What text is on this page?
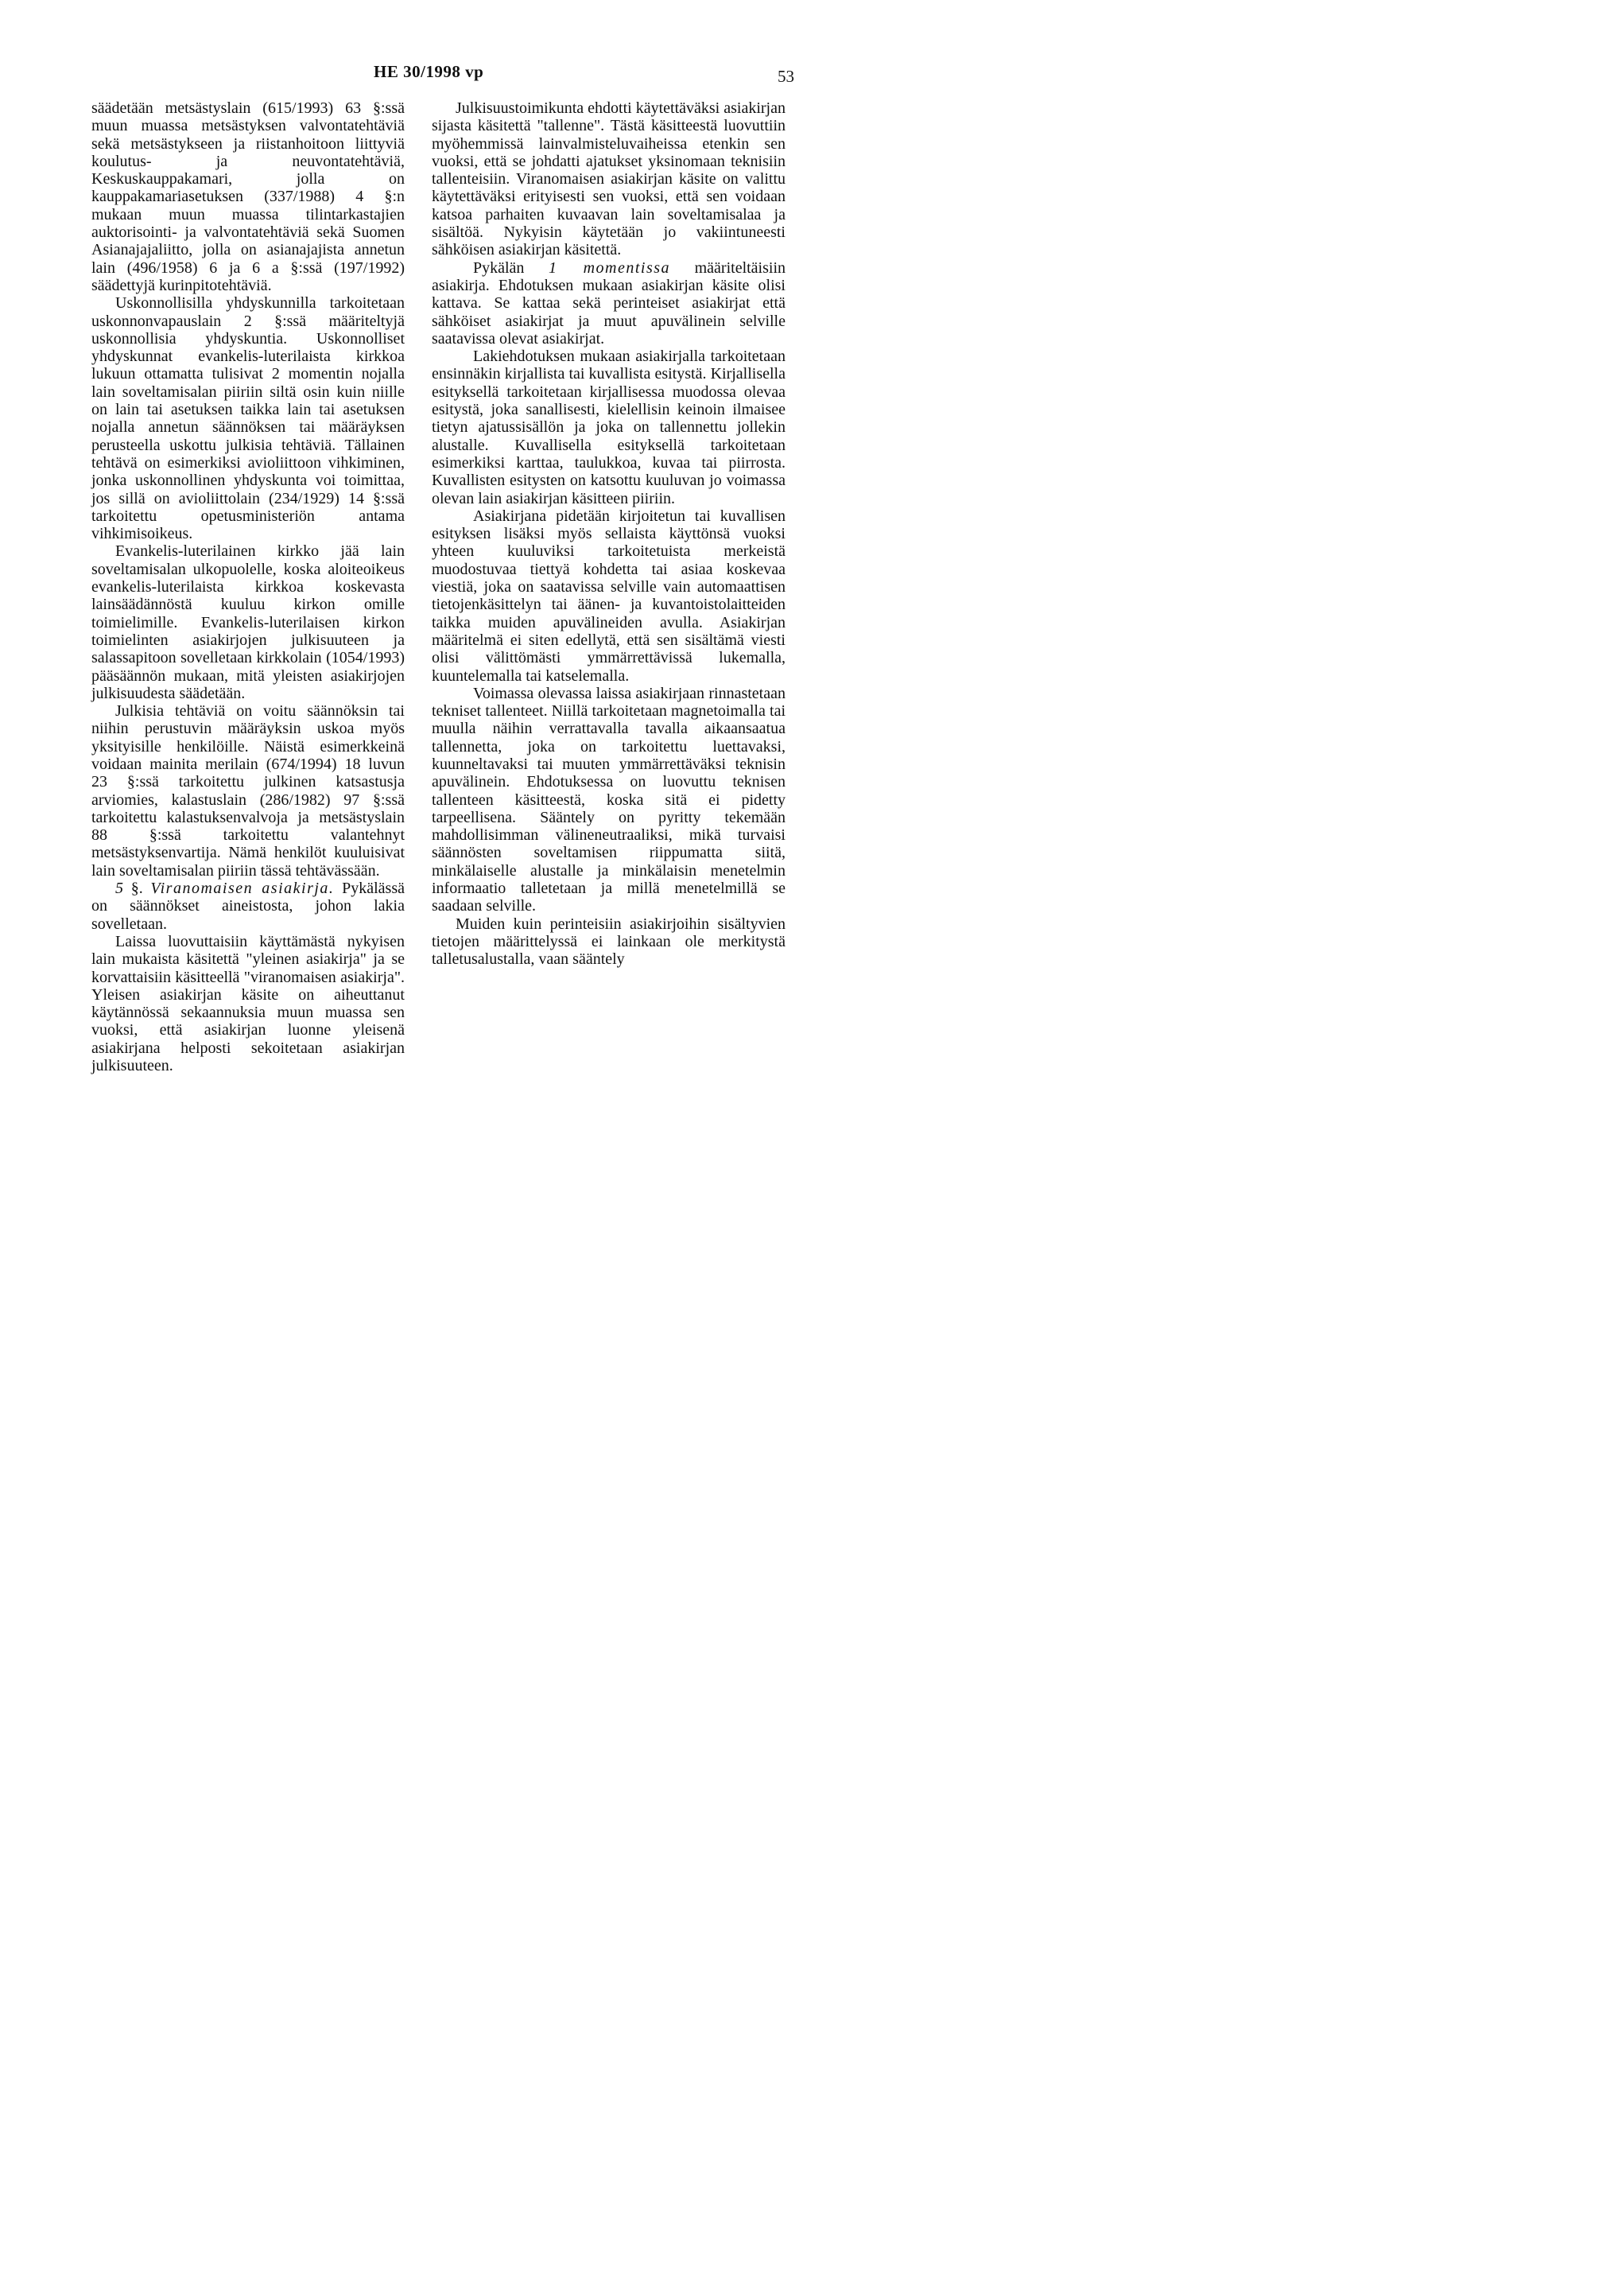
HE 30/1998 vp	53

säädetään metsästyslain (615/1993) 63 §:ssä muun muassa metsästyksen valvontatehtäviä sekä metsästykseen ja riistanhoitoon liittyviä koulutus- ja neuvontatehtäviä, Keskuskauppakamari, jolla on kauppakamariasetuksen (337/1988) 4 §:n mukaan muun muassa tilintarkastajien auktorisointi- ja valvontatehtäviä sekä Suomen Asianajajaliitto, jolla on asianajajista annetun lain (496/1958) 6 ja 6 a §:ssä (197/1992) säädettyjä kurinpitotehtäviä.

Uskonnollisilla yhdyskunnilla tarkoitetaan uskonnonvapauslain 2 §:ssä määriteltyjä uskonnollisia yhdyskuntia. Uskonnolliset yhdyskunnat evankelis-luterilaista kirkkoa lukuun ottamatta tulisivat 2 momentin nojalla lain soveltamisalan piiriin siltä osin kuin niille on lain tai asetuksen taikka lain tai asetuksen nojalla annetun säännöksen tai määräyksen perusteella uskottu julkisia tehtäviä. Tällainen tehtävä on esimerkiksi avioliittoon vihkiminen, jonka uskonnollinen yhdyskunta voi toimittaa, jos sillä on avioliittolain (234/1929) 14 §:ssä tarkoitettu opetusministeriön antama vihkimisoikeus.

Evankelis-luterilainen kirkko jää lain soveltamisalan ulkopuolelle, koska aloiteoikeus evankelis-luterilaista kirkkoa koskevasta lainsäädännöstä kuuluu kirkon omille toimielimille. Evankelis-luterilaisen kirkon toimielinten asiakirjojen julkisuuteen ja salassapitoon sovelletaan kirkkolain (1054/1993) pääsäännön mukaan, mitä yleisten asiakirjojen julkisuudesta säädetään.

Julkisia tehtäviä on voitu säännöksin tai niihin perustuvin määräyksin uskoa myös yksityisille henkilöille. Näistä esimerkkeinä voidaan mainita merilain (674/1994) 18 luvun 23 §:ssä tarkoitettu julkinen katsastusja arviomies, kalastuslain (286/1982) 97 §:ssä tarkoitettu kalastuksenvalvoja ja metsästyslain 88 §:ssä tarkoitettu valantehnyt metsästyksenvartija. Nämä henkilöt kuuluisivat lain soveltamisalan piiriin tässä tehtävässään.

5 §. Viranomaisen asiakirja. Pykälässä on säännökset aineistosta, johon lakia sovelletaan.

Laissa luovuttaisiin käyttämästä nykyisen lain mukaista käsitettä "yleinen asiakirja" ja se korvattaisiin käsitteellä "viranomaisen asiakirja". Yleisen asiakirjan käsite on aiheuttanut käytännössä sekaannuksia muun muassa sen vuoksi, että asiakirjan luonne yleisenä asiakirjana helposti sekoitetaan asiakirjan julkisuuteen.

Julkisuustoimikunta ehdotti käytettäväksi asiakirjan sijasta käsitettä "tallenne". Tästä käsitteestä luovuttiin myöhemmissä lainvalmisteluvaiheissa etenkin sen vuoksi, että se johdatti ajatukset yksinomaan teknisiin tallenteisiin. Viranomaisen asiakirjan käsite on valittu käytettäväksi erityisesti sen vuoksi, että sen voidaan katsoa parhaiten kuvaavan lain soveltamisalaa ja sisältöä. Nykyisin käytetään jo vakiintuneesti sähköisen asiakirjan käsitettä.

Pykälän 1 momentissa määriteltäisiin asiakirja. Ehdotuksen mukaan asiakirjan käsite olisi kattava. Se kattaa sekä perinteiset asiakirjat että sähköiset asiakirjat ja muut apuvälinein selville saatavissa olevat asiakirjat.

Lakiehdotuksen mukaan asiakirjalla tarkoitetaan ensinnäkin kirjallista tai kuvallista esitystä. Kirjallisella esityksellä tarkoitetaan kirjallisessa muodossa olevaa esitystä, joka sanallisesti, kielellisin keinoin ilmaisee tietyn ajatussisällön ja joka on tallennettu jollekin alustalle. Kuvallisella esityksellä tarkoitetaan esimerkiksi karttaa, taulukkoa, kuvaa tai piirrosta. Kuvallisten esitysten on katsottu kuuluvan jo voimassa olevan lain asiakirjan käsitteen piiriin.

Asiakirjana pidetään kirjoitetun tai kuvallisen esityksen lisäksi myös sellaista käyttönsä vuoksi yhteen kuuluviksi tarkoitetuista merkeistä muodostuvaa tiettyä kohdetta tai asiaa koskevaa viestiä, joka on saatavissa selville vain automaattisen tietojenkäsittelyn tai äänen- ja kuvantoistolaitteiden taikka muiden apuvälineiden avulla. Asiakirjan määritelmä ei siten edellytä, että sen sisältämä viesti olisi välittömästi ymmärrettävissä lukemalla, kuuntelemalla tai katselemalla.

Voimassa olevassa laissa asiakirjaan rinnastetaan tekniset tallenteet. Niillä tarkoitetaan magnetoimalla tai muulla näihin verrattavalla tavalla aikaansaatua tallennetta, joka on tarkoitettu luettavaksi, kuunneltavaksi tai muuten ymmärrettäväksi teknisin apuvälinein. Ehdotuksessa on luovuttu teknisen tallenteen käsitteestä, koska sitä ei pidetty tarpeellisena. Sääntely on pyritty tekemään mahdollisimman välineneutraaliksi, mikä turvaisi säännösten soveltamisen riippumatta siitä, minkälaiselle alustalle ja minkälaisin menetelmin informaatio talletetaan ja millä menetelmillä se saadaan selville.

Muiden kuin perinteisiin asiakirjoihin sisältyvien tietojen määrittelyssä ei lainkaan ole merkitystä talletusalustalla, vaan sääntely
